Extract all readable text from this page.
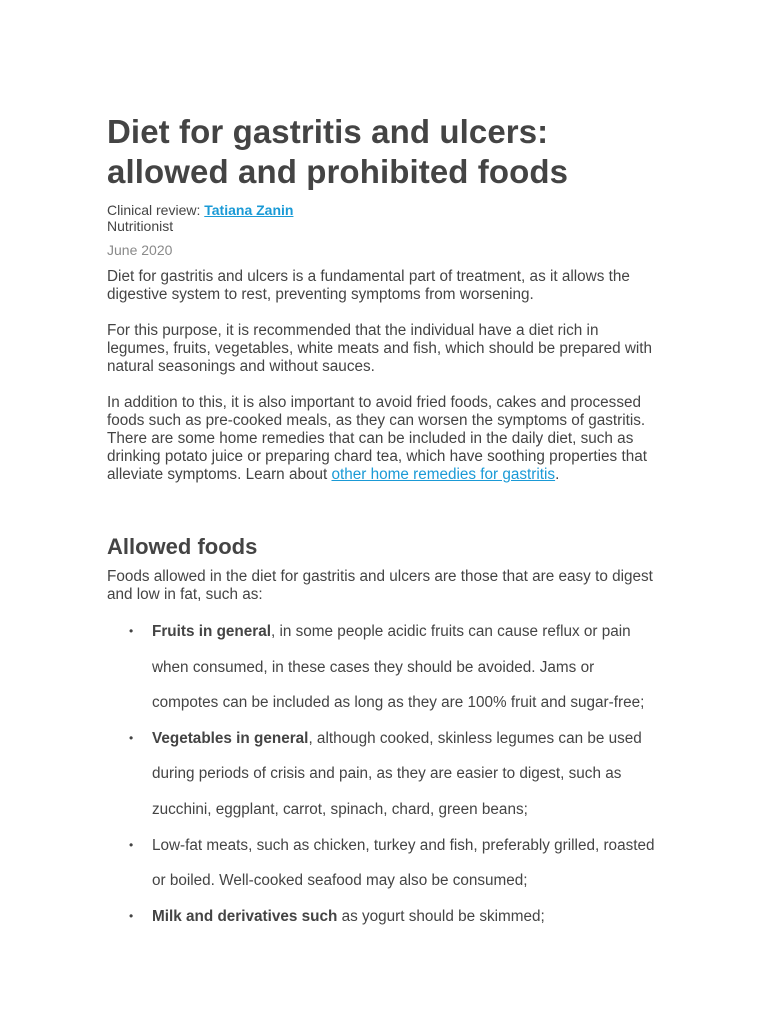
Diet for gastritis and ulcers: allowed and prohibited foods
Clinical review: Tatiana Zanin
Nutritionist
June 2020

Diet for gastritis and ulcers is a fundamental part of treatment, as it allows the digestive system to rest, preventing symptoms from worsening.

For this purpose, it is recommended that the individual have a diet rich in legumes, fruits, vegetables, white meats and fish, which should be prepared with natural seasonings and without sauces.

In addition to this, it is also important to avoid fried foods, cakes and processed foods such as pre-cooked meals, as they can worsen the symptoms of gastritis. There are some home remedies that can be included in the daily diet, such as drinking potato juice or preparing chard tea, which have soothing properties that alleviate symptoms. Learn about other home remedies for gastritis.

Allowed foods

Foods allowed in the diet for gastritis and ulcers are those that are easy to digest and low in fat, such as:

• Fruits in general, in some people acidic fruits can cause reflux or pain when consumed, in these cases they should be avoided. Jams or compotes can be included as long as they are 100% fruit and sugar-free;
• Vegetables in general, although cooked, skinless legumes can be used during periods of crisis and pain, as they are easier to digest, such as zucchini, eggplant, carrot, spinach, chard, green beans;
• Low-fat meats, such as chicken, turkey and fish, preferably grilled, roasted or boiled. Well-cooked seafood may also be consumed;
• Milk and derivatives such as yogurt should be skimmed;
